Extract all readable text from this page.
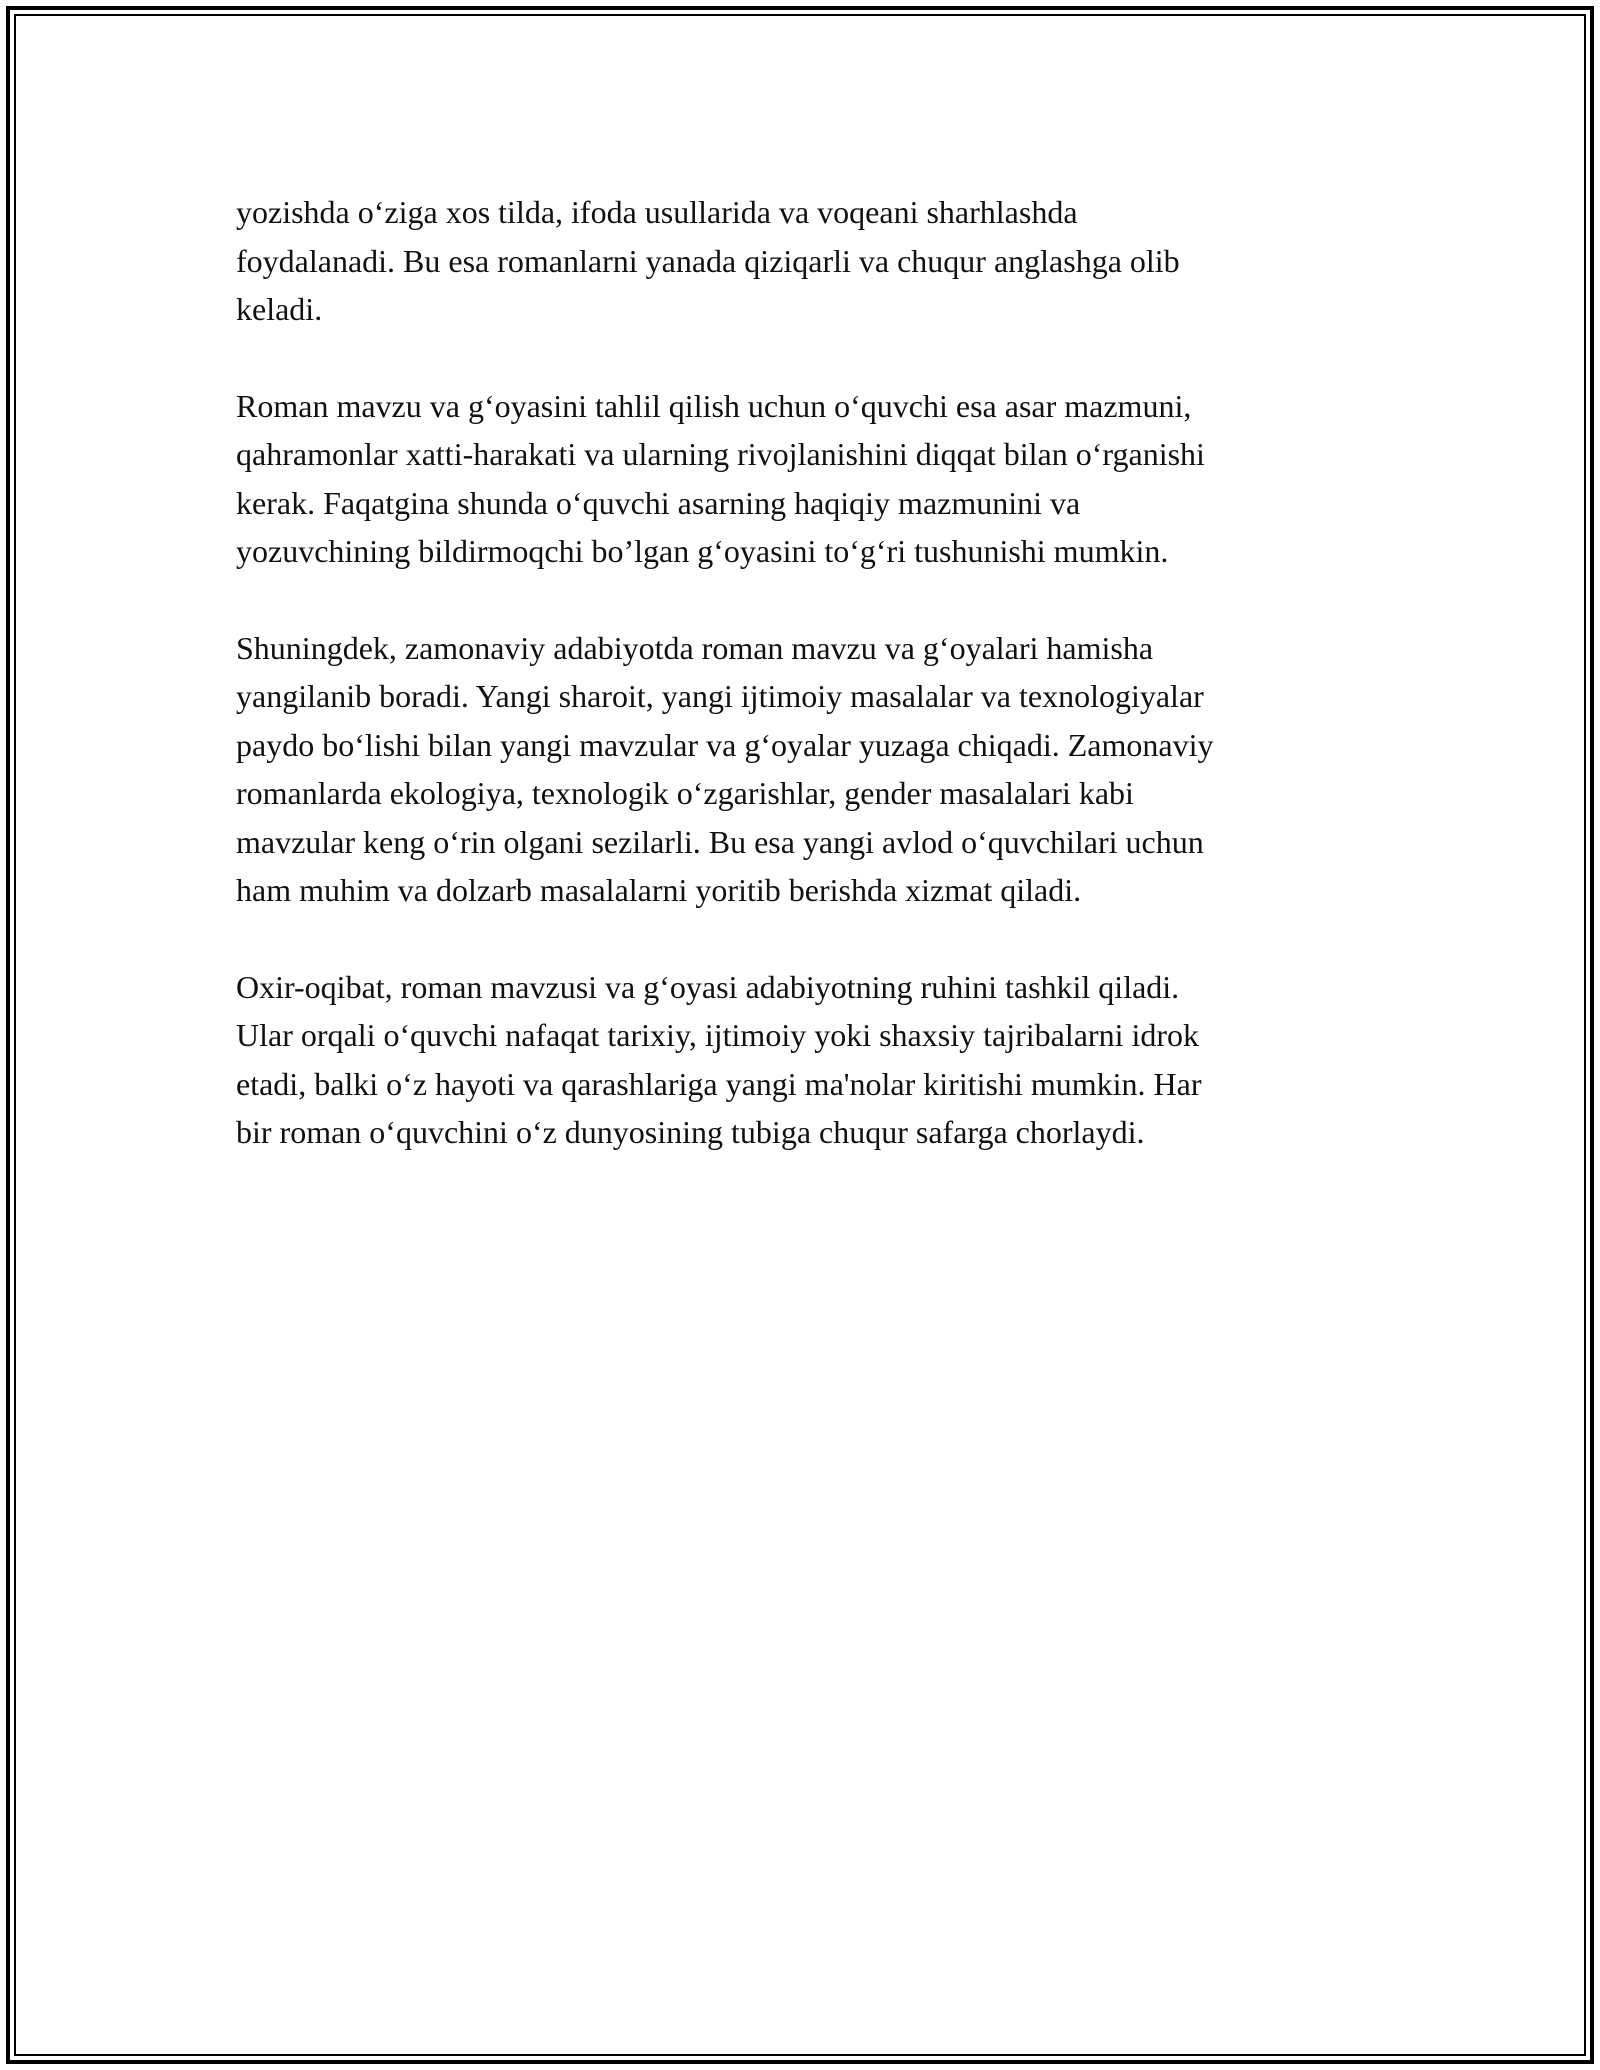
yozishda o‘ziga xos tilda, ifoda usullarida va voqeani sharhlashda
foydalanadi. Bu esa romanlarni yanada qiziqarli va chuqur anglashga olib
keladi.

Roman mavzu va g‘oyasini tahlil qilish uchun o‘quvchi esa asar mazmuni,
qahramonlar xatti-harakati va ularning rivojlanishini diqqat bilan o‘rganishi
kerak. Faqatgina shunda o‘quvchi asarning haqiqiy mazmunini va
yozuvchining bildirmoqchi bo’lgan g‘oyasini to‘g‘ri tushunishi mumkin.

Shuningdek, zamonaviy adabiyotda roman mavzu va g‘oyalari hamisha
yangilanib boradi. Yangi sharoit, yangi ijtimoiy masalalar va texnologiyalar
paydo bo‘lishi bilan yangi mavzular va g‘oyalar yuzaga chiqadi. Zamonaviy
romanlarda ekologiya, texnologik o‘zgarishlar, gender masalalari kabi
mavzular keng o‘rin olgani sezilarli. Bu esa yangi avlod o‘quvchilari uchun
ham muhim va dolzarb masalalarni yoritib berishda xizmat qiladi.

Oxir-oqibat, roman mavzusi va g‘oyasi adabiyotning ruhini tashkil qiladi.
Ular orqali o‘quvchi nafaqat tarixiy, ijtimoiy yoki shaxsiy tajribalarni idrok
etadi, balki o‘z hayoti va qarashlariga yangi ma'nolar kiritishi mumkin. Har
bir roman o‘quvchini o‘z dunyosining tubiga chuqur safarga chorlaydi.
